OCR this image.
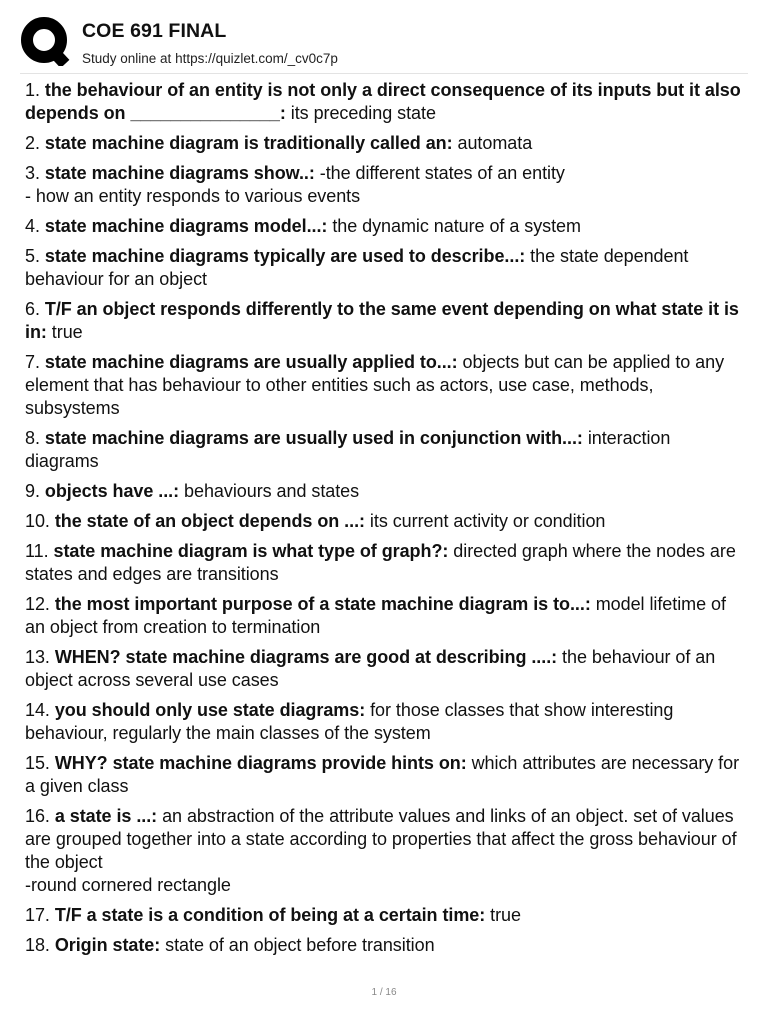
COE 691 FINAL
Study online at https://quizlet.com/_cv0c7p
1. the behaviour of an entity is not only a direct consequence of its inputs but it also depends on _______________: its preceding state
2. state machine diagram is traditionally called an: automata
3. state machine diagrams show..: -the different states of an entity
- how an entity responds to various events
4. state machine diagrams model...: the dynamic nature of a system
5. state machine diagrams typically are used to describe...: the state dependent behaviour for an object
6. T/F an object responds differently to the same event depending on what state it is in: true
7. state machine diagrams are usually applied to...: objects but can be applied to any element that has behaviour to other entities such as actors, use case, methods, subsystems
8. state machine diagrams are usually used in conjunction with...: interaction diagrams
9. objects have ...: behaviours and states
10. the state of an object depends on ...: its current activity or condition
11. state machine diagram is what type of graph?: directed graph where the nodes are states and edges are transitions
12. the most important purpose of a state machine diagram is to...: model lifetime of an object from creation to termination
13. WHEN? state machine diagrams are good at describing ....: the behaviour of an object across several use cases
14. you should only use state diagrams: for those classes that show interesting behaviour, regularly the main classes of the system
15. WHY? state machine diagrams provide hints on: which attributes are necessary for a given class
16. a state is ...: an abstraction of the attribute values and links of an object. set of values are grouped together into a state according to properties that affect the gross behaviour of the object
-round cornered rectangle
17. T/F a state is a condition of being at a certain time: true
18. Origin state: state of an object before transition
1 / 16
